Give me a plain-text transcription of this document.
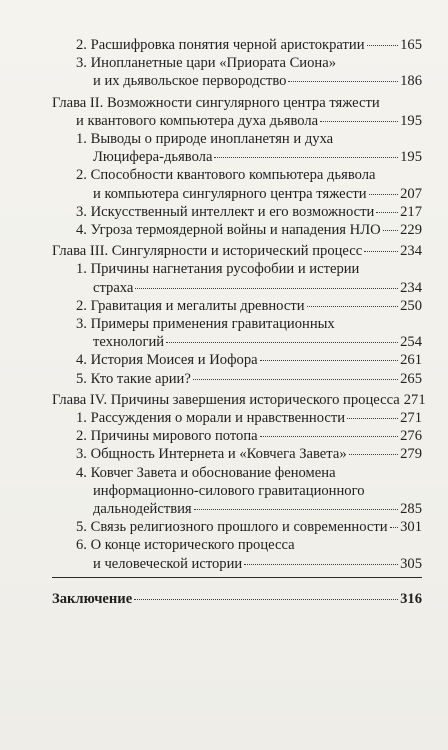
2. Расшифровка понятия черной аристократии 165
3. Инопланетные цари «Приората Сиона»
и их дьявольское первородство	186
Глава II. Возможности сингулярного центра тяжести
и квантового компьютера духа дьявола	195
1. Выводы о природе инопланетян и духа
Люцифера-дьявола	195
2. Способности квантового компьютера дьявола
и компьютера сингулярного центра тяжести 207
3. Искусственный интеллект и его возможности 217
4. Угроза термоядерной войны и нападения НЛО 229
Глава III. Сингулярности и исторический процесс	234
1. Причины нагнетания русофобии и истерии
страха	234
2. Гравитация и мегалиты древности	250
3. Примеры применения гравитационных
технологий	254
4. История Моисея и Иофора	261
5. Кто такие арии?	265
Глава IV. Причины завершения исторического процесса 271
1. Рассуждения о морали и нравственности	271
2. Причины мирового потопа	276
3. Общность Интернета и «Ковчега Завета»	279
4. Ковчег Завета и обоснование феномена
информационно-силового гравитационного
дальнодействия	285
5. Связь религиозного прошлого и современности 301
6. О конце исторического процесса
и человеческой истории	305
Заключение	316
